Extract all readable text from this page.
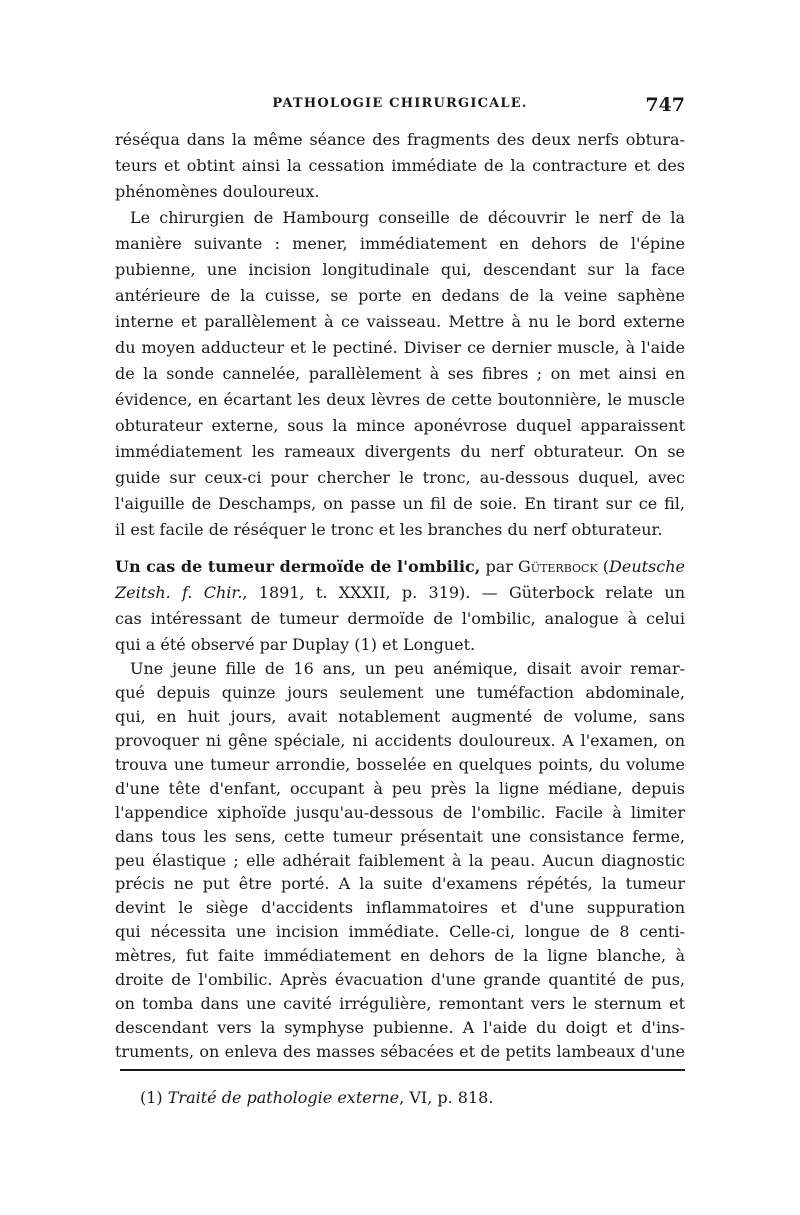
PATHOLOGIE CHIRURGICALE.	747
réséqua dans la même séance des fragments des deux nerfs obtura-
teurs et obtint ainsi la cessation immédiate de la contracture et des
phénomènes douloureux.
Le chirurgien de Hambourg conseille de découvrir le nerf de la
manière suivante : mener, immédiatement en dehors de l'épine
pubienne, une incision longitudinale qui, descendant sur la face
antérieure de la cuisse, se porte en dedans de la veine saphène
interne et parallèlement à ce vaisseau. Mettre à nu le bord externe
du moyen adducteur et le pectiné. Diviser ce dernier muscle, à l'aide
de la sonde cannelée, parallèlement à ses fibres ; on met ainsi en
évidence, en écartant les deux lèvres de cette boutonnière, le muscle
obturateur externe, sous la mince aponévrose duquel apparaissent
immédiatement les rameaux divergents du nerf obturateur. On se
guide sur ceux-ci pour chercher le tronc, au-dessous duquel, avec
l'aiguille de Deschamps, on passe un fil de soie. En tirant sur ce fil,
il est facile de réséquer le tronc et les branches du nerf obturateur.
Un cas de tumeur dermoïde de l'ombilic, par Güterbock (Deutsche
Zeitsh. f. Chir., 1891, t. XXXII, p. 319). — Güterbock relate un
cas intéressant de tumeur dermoïde de l'ombilic, analogue à celui
qui a été observé par Duplay (1) et Longuet.
Une jeune fille de 16 ans, un peu anémique, disait avoir remar-
qué depuis quinze jours seulement une tuméfaction abdominale,
qui, en huit jours, avait notablement augmenté de volume, sans
provoquer ni gêne spéciale, ni accidents douloureux. A l'examen, on
trouva une tumeur arrondie, bosselée en quelques points, du volume
d'une tête d'enfant, occupant à peu près la ligne médiane, depuis
l'appendice xiphoïde jusqu'au-dessous de l'ombilic. Facile à limiter
dans tous les sens, cette tumeur présentait une consistance ferme,
peu élastique ; elle adhérait faiblement à la peau. Aucun diagnostic
précis ne put être porté. A la suite d'examens répétés, la tumeur
devint le siège d'accidents inflammatoires et d'une suppuration
qui nécessita une incision immédiate. Celle-ci, longue de 8 centi-
mètres, fut faite immédiatement en dehors de la ligne blanche, à
droite de l'ombilic. Après évacuation d'une grande quantité de pus,
on tomba dans une cavité irrégulière, remontant vers le sternum et
descendant vers la symphyse pubienne. A l'aide du doigt et d'ins-
truments, on enleva des masses sébacées et de petits lambeaux d'une
(1) Traité de pathologie externe, VI, p. 818.
